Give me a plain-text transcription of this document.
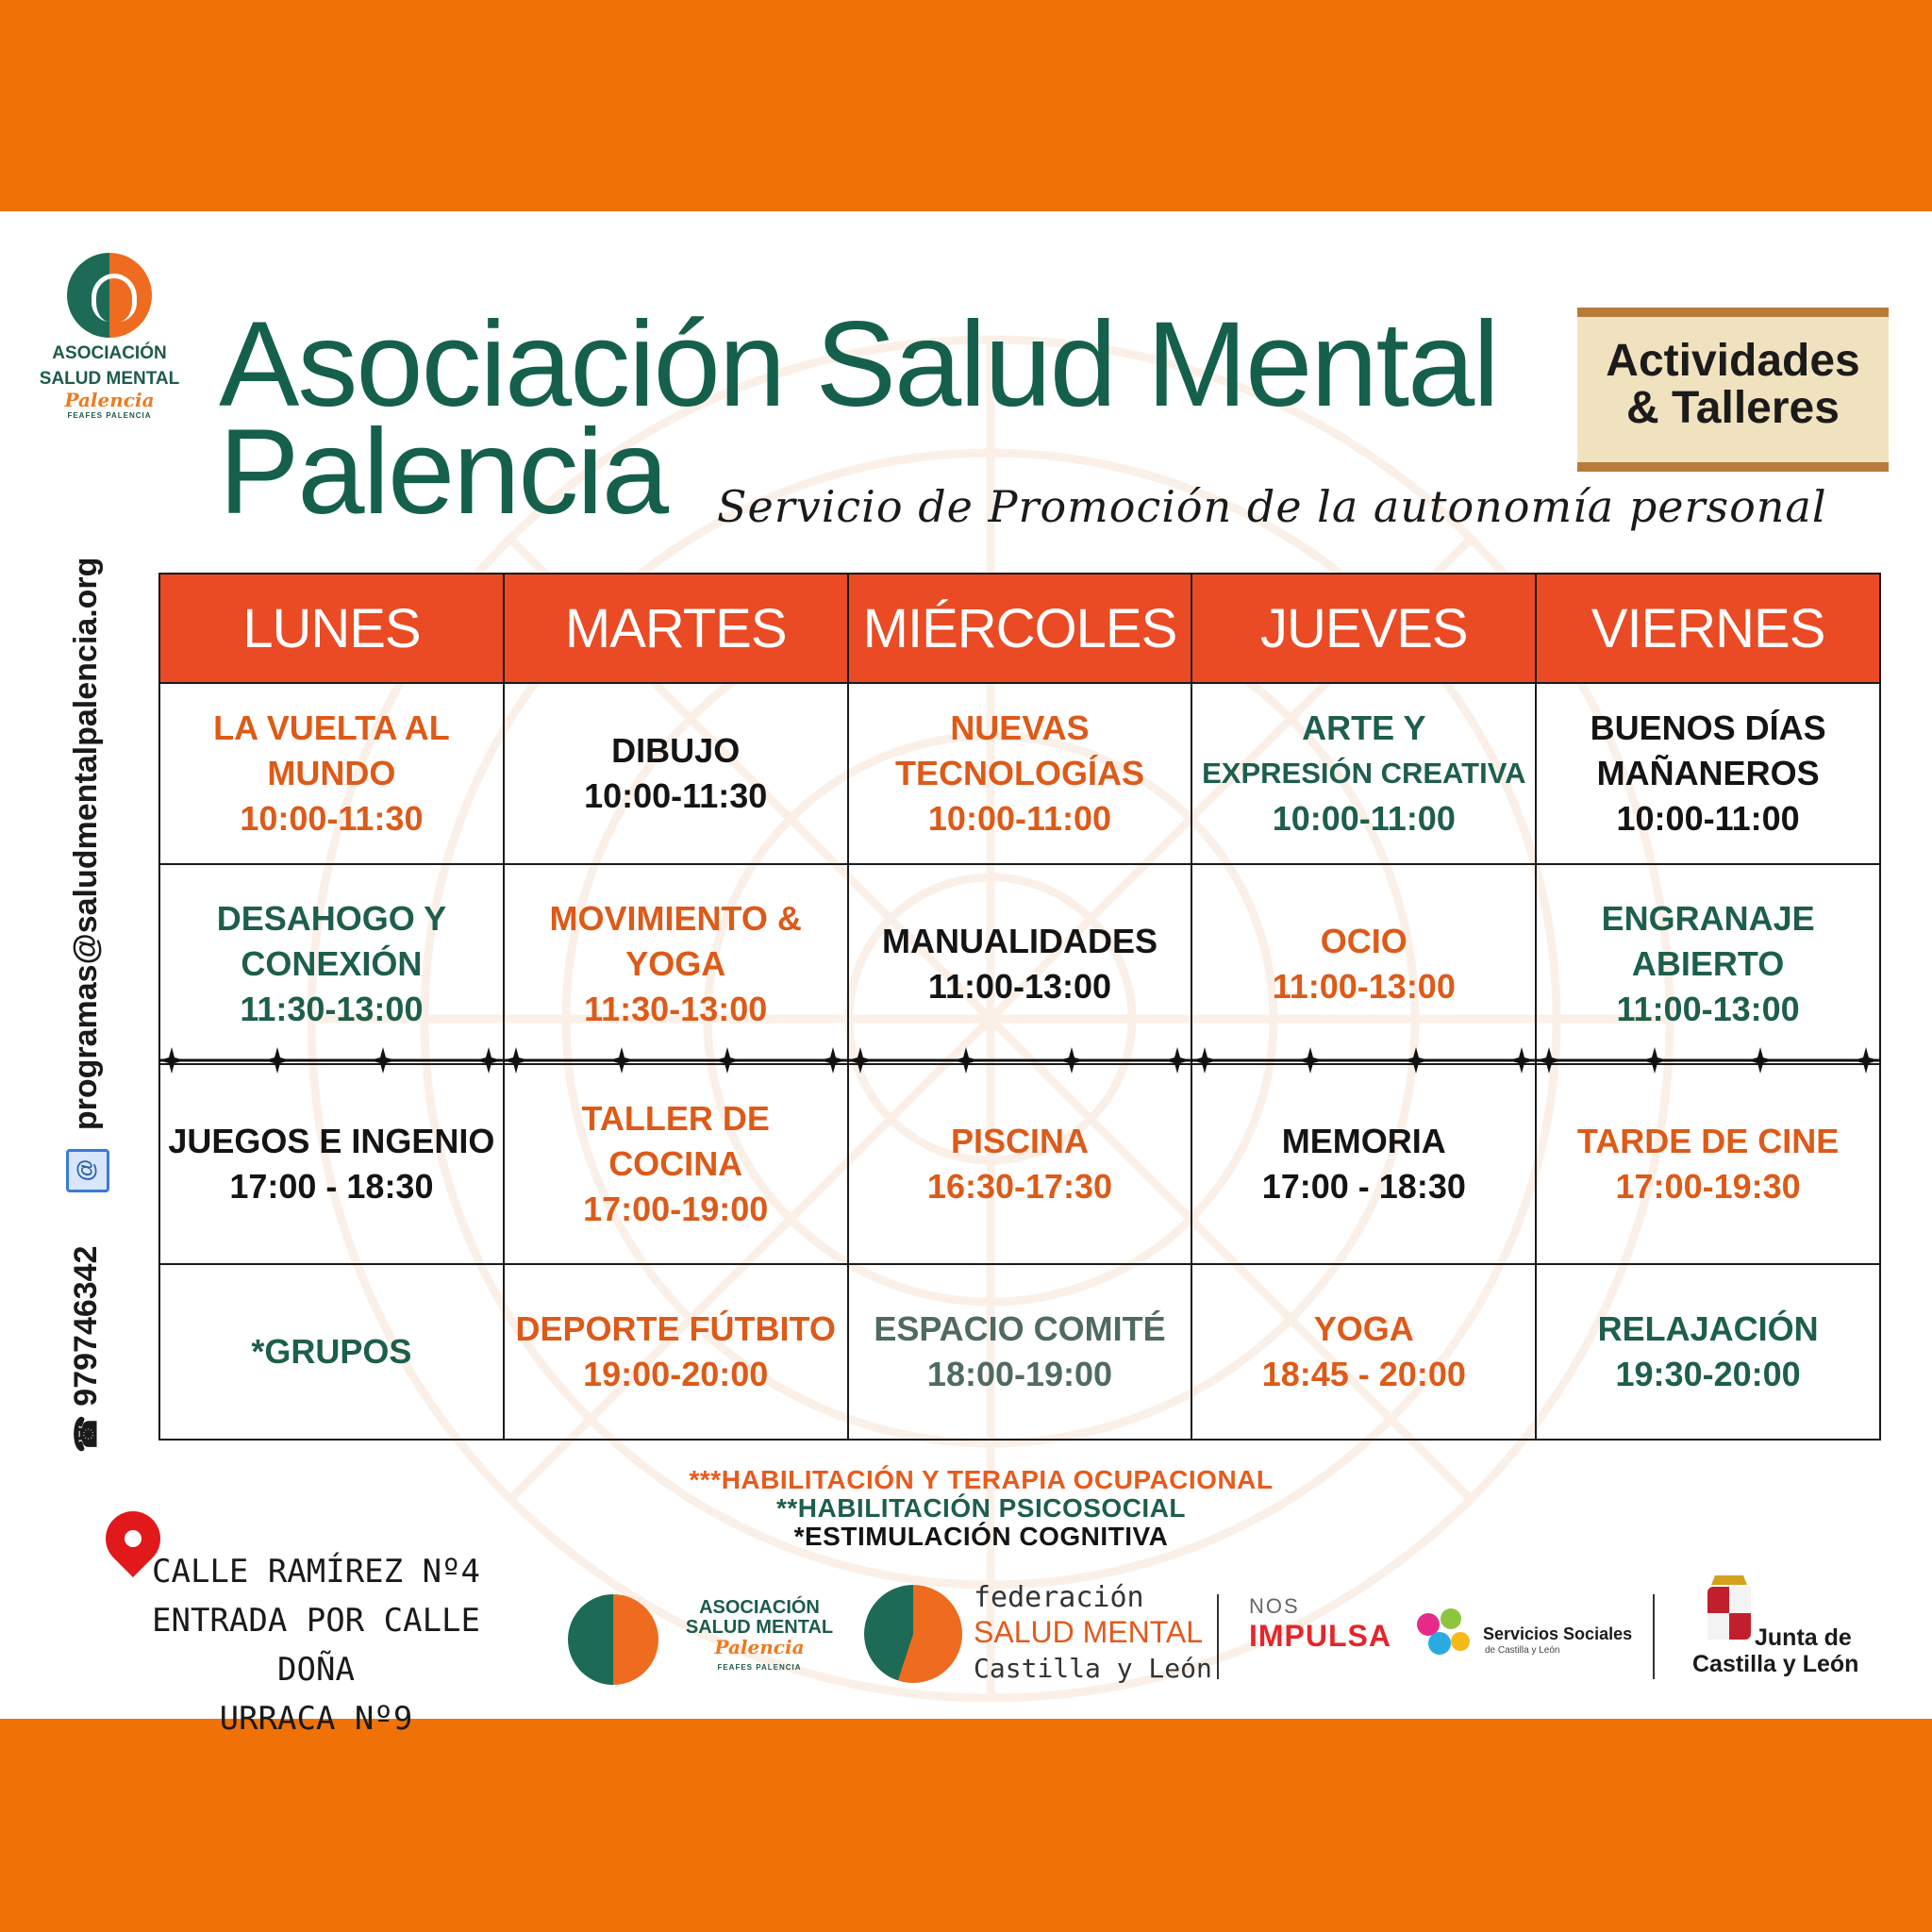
ASOCIACIÓN
SALUD MENTAL
Palencia
FEAFES PALENCIA Asociación Salud Mental
Palencia	Servicio de Promoción de la autonomía personal
Actividades
& Talleres
☎ 979746342  @ programas@saludmentalpalencia.org	LUNES	MARTES	MIÉRCOLES	JUEVES	VIERNES

LA VUELTA AL MUNDO
10:00-11:30	DIBUJO
10:00-11:30	NUEVAS TECNOLOGÍAS
10:00-11:00	ARTE Y
EXPRESIÓN CREATIVA
10:00-11:00	BUENOS DÍAS MAÑANEROS
10:00-11:00

DESAHOGO Y CONEXIÓN
11:30-13:00	MOVIMIENTO & YOGA
11:30-13:00	MANUALIDADES
11:00-13:00	OCIO
11:00-13:00	ENGRANAJE ABIERTO
11:00-13:00

JUEGOS E INGENIO
17:00 - 18:30	TALLER DE COCINA
17:00-19:00	PISCINA
16:30-17:30	MEMORIA
17:00 - 18:30	TARDE DE CINE
17:00-19:30

*GRUPOS	DEPORTE FÚTBITO
19:00-20:00	ESPACIO COMITÉ
18:00-19:00	YOGA
18:45 - 20:00	RELAJACIÓN
19:30-20:00
***HABILITACIÓN Y TERAPIA OCUPACIONAL
**HABILITACIÓN PSICOSOCIAL
*ESTIMULACIÓN COGNITIVA
CALLE RAMÍREZ Nº4
ENTRADA POR CALLE DOÑA
URRACA Nº9
ASOCIACIÓN
SALUD MENTAL
Palencia
FEAFES PALENCIA
federación
SALUD MENTAL
Castilla y León
NOS
IMPULSA	Servicios Sociales
de Castilla y León	Junta de
Castilla y León
